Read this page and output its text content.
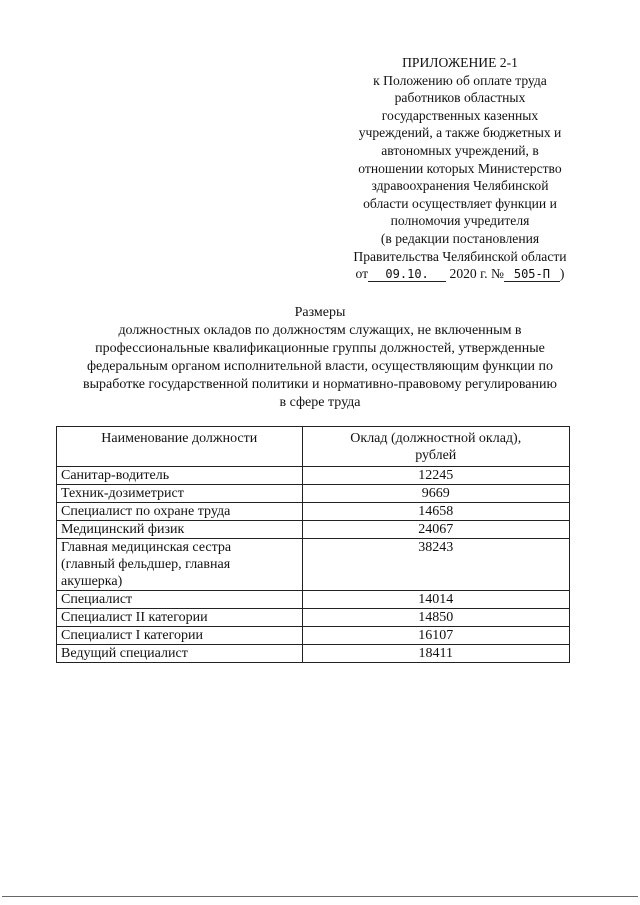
ПРИЛОЖЕНИЕ 2-1
к Положению об оплате труда
работников областных
государственных казенных
учреждений, а также бюджетных и
автономных учреждений, в
отношении которых Министерство
здравоохранения Челябинской
области осуществляет функции и
полномочия учредителя
(в редакции постановления
Правительства Челябинской области
от 09.10. 2020 г. № 505-П )
Размеры
должностных окладов по должностям служащих, не включенным в
профессиональные квалификационные группы должностей, утвержденные
федеральным органом исполнительной власти, осуществляющим функции по
выработке государственной политики и нормативно-правовому регулированию
в сфере труда
Наименование должности	Оклад (должностной оклад),
рублей
Санитар-водитель	12245
Техник-дозиметрист	9669
Специалист по охране труда	14658
Медицинский физик	24067
Главная медицинская сестра
(главный фельдшер, главная
акушерка)	38243
Специалист	14014
Специалист II категории	14850
Специалист I категории	16107
Ведущий специалист	18411
